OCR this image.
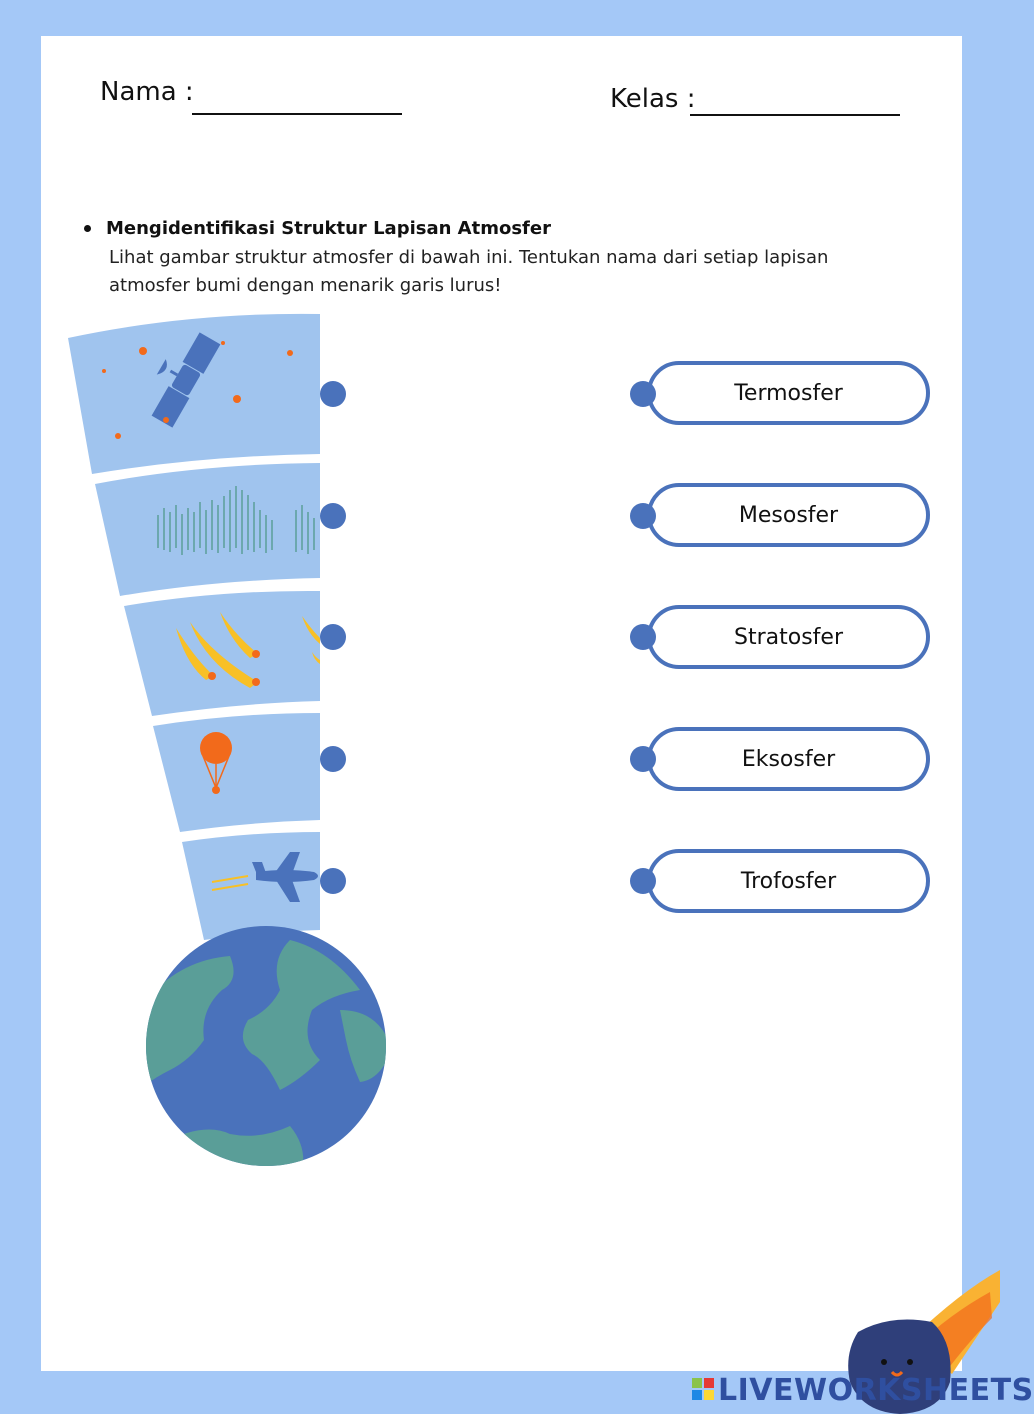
Nama :	Kelas :
Mengidentifikasi Struktur Lapisan Atmosfer
Lihat gambar struktur atmosfer di bawah ini. Tentukan nama dari setiap lapisan atmosfer bumi dengan menarik garis lurus!
Termosfer
Mesosfer
Stratosfer
Eksosfer
Trofosfer
LIVEWORKSHEETS
